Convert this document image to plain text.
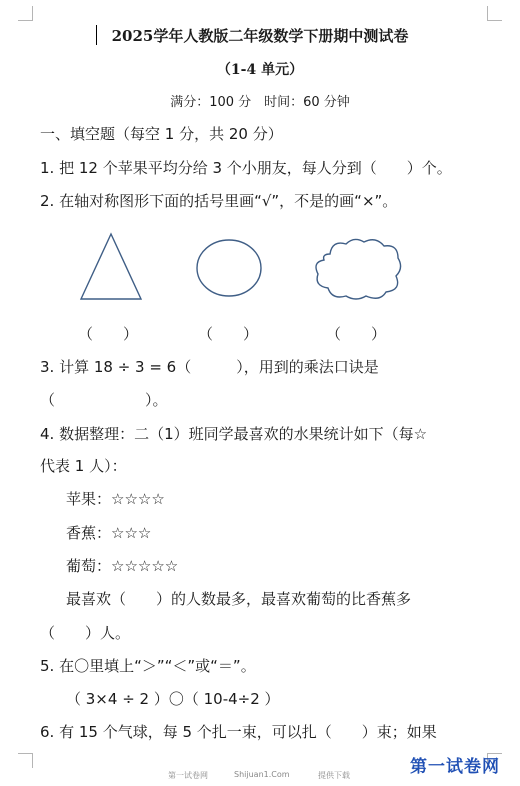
2025学年人教版二年级数学下册期中测试卷
（1-4 单元）
满分：100 分　时间：60 分钟
一、填空题（每空 1 分，共 20 分）
1. 把 12 个苹果平均分给 3 个小朋友，每人分到（　　）个。
2. 在轴对称图形下面的括号里画“√”，不是的画“×”。
（　　）	（　　）	（　　）
3. 计算 18 ÷ 3 = 6（　　　），用到的乘法口诀是
（　　　　　　）。
4. 数据整理：二（1）班同学最喜欢的水果统计如下（每☆
代表 1 人）：
苹果：☆☆☆☆
香蕉：☆☆☆
葡萄：☆☆☆☆☆
最喜欢（　　）的人数最多，最喜欢葡萄的比香蕉多
（　　）人。
5. 在〇里填上“＞”“＜”或“＝”。
（ 3×4 ÷ 2 ）〇（ 10-4÷2 ）
6. 有 15 个气球，每 5 个扎一束，可以扎（　　）束；如果
第一试卷网	Shijuan1.Com	提供下载	第一试卷网
